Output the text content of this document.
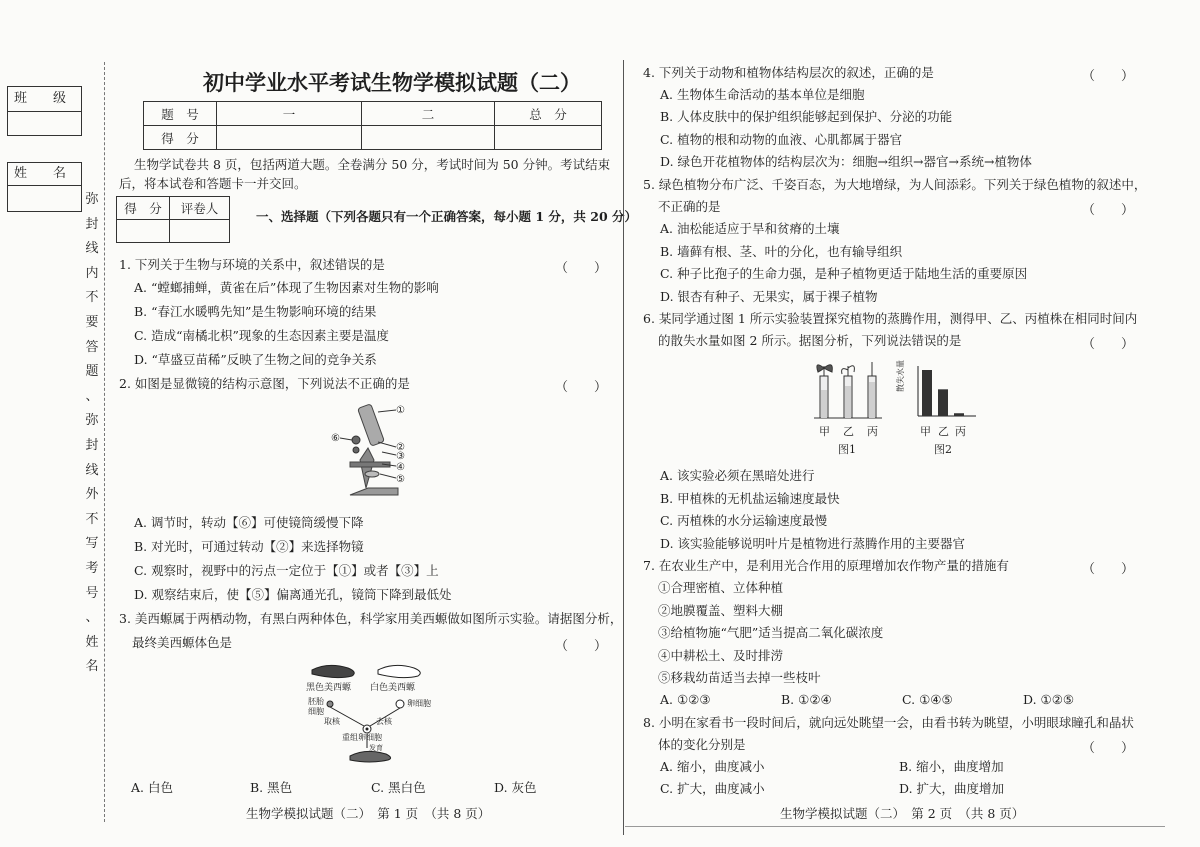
班　　级
姓　　名
弥
封
线
内
不
要
答
题
、
弥
封
线
外
不
写
考
号
、
姓
名
初中学业水平考试生物学模拟试题（二）
题　号	一	二	总　分
得　分			
生物学试卷共 8 页，包括两道大题。全卷满分 50 分，考试时间为 50 分钟。考试结束
后，将本试卷和答题卡一并交回。
得　分	评卷人

一、选择题（下列各题只有一个正确答案，每小题 1 分，共 20 分）
1. 下列关于生物与环境的关系中，叙述错误的是	（　　）
A. “螳螂捕蝉，黄雀在后”体现了生物因素对生物的影响
B. “春江水暖鸭先知”是生物影响环境的结果
C. 造成“南橘北枳”现象的生态因素主要是温度
D. “草盛豆苗稀”反映了生物之间的竞争关系
2. 如图是显微镜的结构示意图，下列说法不正确的是	（　　）
①
②
③
④
⑤
⑥
A. 调节时，转动【⑥】可使镜筒缓慢下降
B. 对光时，可通过转动【②】来选择物镜
C. 观察时，视野中的污点一定位于【①】或者【③】上
D. 观察结束后，使【⑤】偏离通光孔，镜筒下降到最低处
3. 美西螈属于两栖动物，有黑白两种体色，科学家用美西螈做如图所示实验。请据图分析，
最终美西螈体色是	（　　）
黑色美西螈 白色美西螈
胚胎细胞
卵细胞
取核	去核
重组卵细胞
发育
A. 白色	B. 黑色	C. 黑白色	D. 灰色
生物学模拟试题（二）　第 1 页　（共 8 页）
4. 下列关于动物和植物体结构层次的叙述，正确的是	（　　）
A. 生物体生命活动的基本单位是细胞
B. 人体皮肤中的保护组织能够起到保护、分泌的功能
C. 植物的根和动物的血液、心肌都属于器官
D. 绿色开花植物体的结构层次为：细胞→组织→器官→系统→植物体
5. 绿色植物分布广泛、千姿百态，为大地增绿，为人间添彩。下列关于绿色植物的叙述中，
不正确的是	（　　）
A. 油松能适应于旱和贫瘠的土壤
B. 墙藓有根、茎、叶的分化，也有输导组织
C. 种子比孢子的生命力强，是种子植物更适于陆地生活的重要原因
D. 银杏有种子、无果实，属于裸子植物
6. 某同学通过图 1 所示实验装置探究植物的蒸腾作用，测得甲、乙、丙植株在相同时间内
的散失水量如图 2 所示。据图分析，下列说法错误的是	（　　）
甲 乙 丙
图1
散失水量
甲 乙 丙
图2
A. 该实验必须在黑暗处进行
B. 甲植株的无机盐运输速度最快
C. 丙植株的水分运输速度最慢
D. 该实验能够说明叶片是植物进行蒸腾作用的主要器官
7. 在农业生产中，是利用光合作用的原理增加农作物产量的措施有	（　　）
①合理密植、立体种植
②地膜覆盖、塑料大棚
③给植物施“气肥”适当提高二氧化碳浓度
④中耕松土、及时排涝
⑤移栽幼苗适当去掉一些枝叶
A. ①②③	B. ①②④	C. ①④⑤	D. ①②⑤
8. 小明在家看书一段时间后，就向远处眺望一会，由看书转为眺望，小明眼球瞳孔和晶状
体的变化分别是	（　　）
A. 缩小，曲度减小	B. 缩小，曲度增加
C. 扩大，曲度减小	D. 扩大，曲度增加
生物学模拟试题（二）　第 2 页　（共 8 页）
